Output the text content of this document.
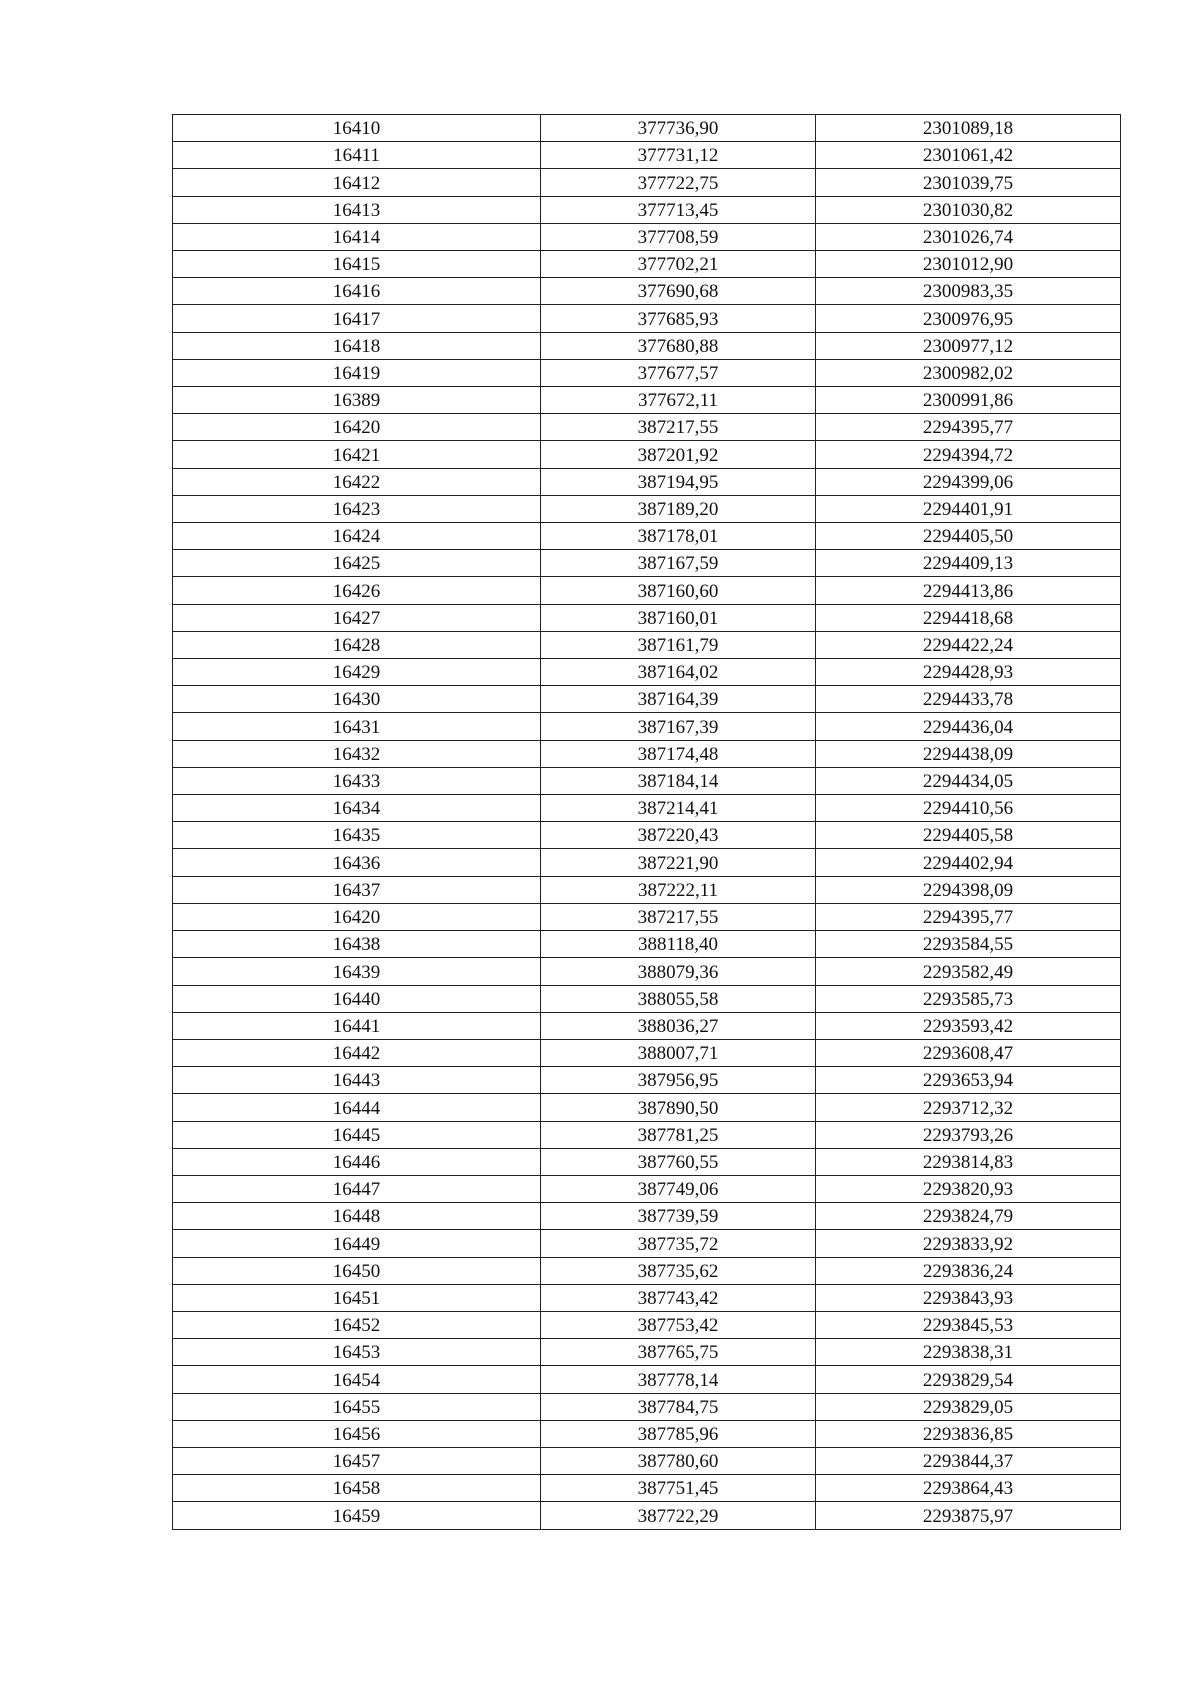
16410	377736,90	2301089,18
16411	377731,12	2301061,42
16412	377722,75	2301039,75
16413	377713,45	2301030,82
16414	377708,59	2301026,74
16415	377702,21	2301012,90
16416	377690,68	2300983,35
16417	377685,93	2300976,95
16418	377680,88	2300977,12
16419	377677,57	2300982,02
16389	377672,11	2300991,86
16420	387217,55	2294395,77
16421	387201,92	2294394,72
16422	387194,95	2294399,06
16423	387189,20	2294401,91
16424	387178,01	2294405,50
16425	387167,59	2294409,13
16426	387160,60	2294413,86
16427	387160,01	2294418,68
16428	387161,79	2294422,24
16429	387164,02	2294428,93
16430	387164,39	2294433,78
16431	387167,39	2294436,04
16432	387174,48	2294438,09
16433	387184,14	2294434,05
16434	387214,41	2294410,56
16435	387220,43	2294405,58
16436	387221,90	2294402,94
16437	387222,11	2294398,09
16420	387217,55	2294395,77
16438	388118,40	2293584,55
16439	388079,36	2293582,49
16440	388055,58	2293585,73
16441	388036,27	2293593,42
16442	388007,71	2293608,47
16443	387956,95	2293653,94
16444	387890,50	2293712,32
16445	387781,25	2293793,26
16446	387760,55	2293814,83
16447	387749,06	2293820,93
16448	387739,59	2293824,79
16449	387735,72	2293833,92
16450	387735,62	2293836,24
16451	387743,42	2293843,93
16452	387753,42	2293845,53
16453	387765,75	2293838,31
16454	387778,14	2293829,54
16455	387784,75	2293829,05
16456	387785,96	2293836,85
16457	387780,60	2293844,37
16458	387751,45	2293864,43
16459	387722,29	2293875,97
